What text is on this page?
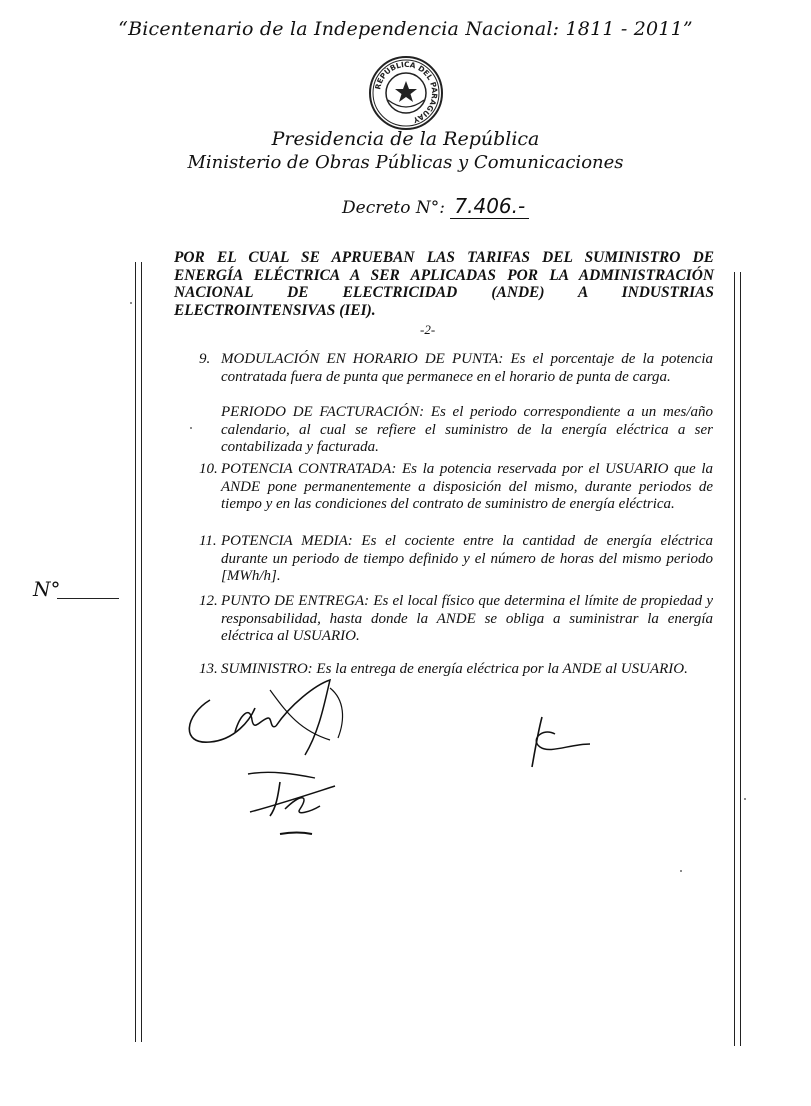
“Bicentenario de la Independencia Nacional: 1811 - 2011”
REPÚBLICA DEL PARAGUAY
Presidencia de la República
Ministerio de Obras Públicas y Comunicaciones
Decreto N°: 7.406.-
POR EL CUAL SE APRUEBAN LAS TARIFAS DEL SUMINISTRO DE
ENERGÍA ELÉCTRICA A SER APLICADAS POR LA ADMINISTRACIÓN
NACIONAL DE ELECTRICIDAD (ANDE) A INDUSTRIAS
ELECTROINTENSIVAS (IEI).
-2-
9. MODULACIÓN EN HORARIO DE PUNTA: Es el porcentaje de la potencia contratada fuera de punta que permanece en el horario de punta de carga.
PERIODO DE FACTURACIÓN: Es el periodo correspondiente a un mes/año calendario, al cual se refiere el suministro de la energía eléctrica a ser contabilizada y facturada.
10. POTENCIA CONTRATADA: Es la potencia reservada por el USUARIO que la ANDE pone permanentemente a disposición del mismo, durante periodos de tiempo y en las condiciones del contrato de suministro de energía eléctrica.
11. POTENCIA MEDIA: Es el cociente entre la cantidad de energía eléctrica durante un periodo de tiempo definido y el número de horas del mismo periodo [MWh/h].
12. PUNTO DE ENTREGA: Es el local físico que determina el límite de propiedad y responsabilidad, hasta donde la ANDE se obliga a suministrar la energía eléctrica al USUARIO.
13. SUMINISTRO: Es la entrega de energía eléctrica por la ANDE al USUARIO.
N°
